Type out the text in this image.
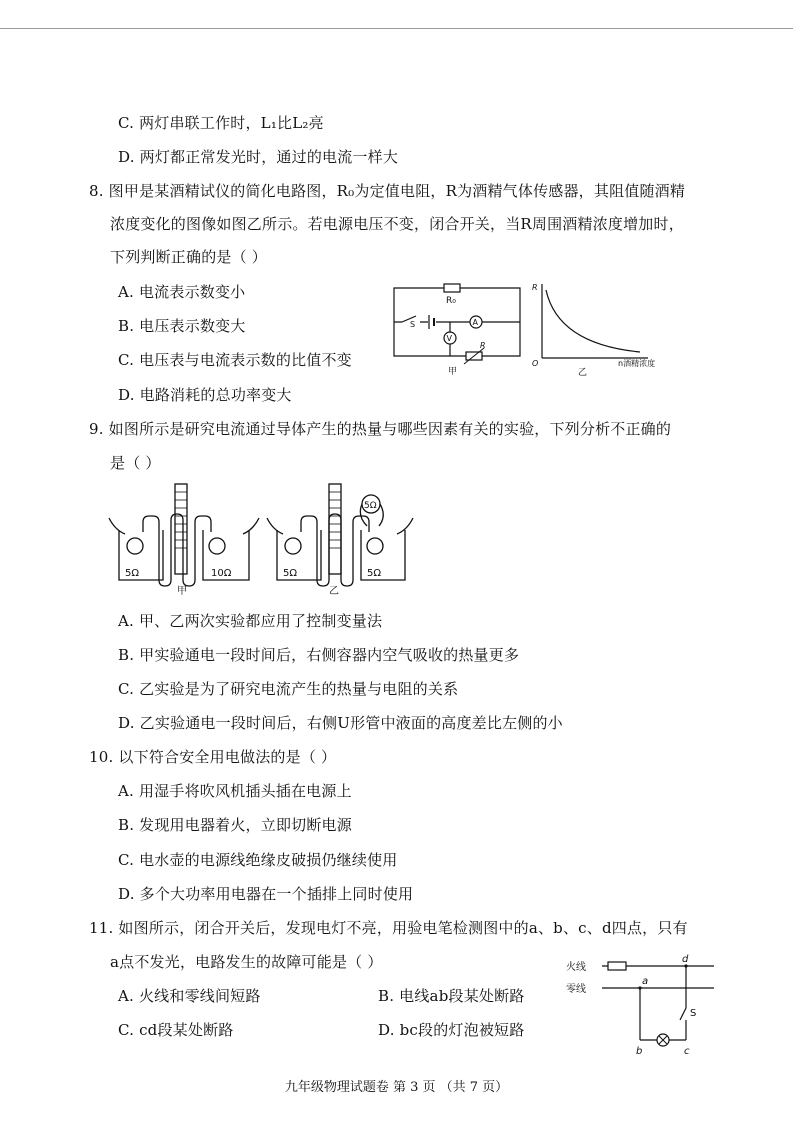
C. 两灯串联工作时，L₁比L₂亮
D. 两灯都正常发光时，通过的电流一样大
8. 图甲是某酒精试仪的简化电路图，R₀为定值电阻，R为酒精气体传感器，其阻值随酒精
浓度变化的图像如图乙所示。若电源电压不变，闭合开关，当R周围酒精浓度增加时，
下列判断正确的是（ ）
A. 电流表示数变小
B. 电压表示数变大
C. 电压表与电流表示数的比值不变
D. 电路消耗的总功率变大
R₀
S
V
A
R
甲
R
O	n酒精浓度
乙
9. 如图所示是研究电流通过导体产生的热量与哪些因素有关的实验，下列分析不正确的
是（ ）
5Ω	10Ω
甲
5Ω	5Ω
5Ω
乙
A. 甲、乙两次实验都应用了控制变量法
B. 甲实验通电一段时间后，右侧容器内空气吸收的热量更多
C. 乙实验是为了研究电流产生的热量与电阻的关系
D. 乙实验通电一段时间后，右侧U形管中液面的高度差比左侧的小
10. 以下符合安全用电做法的是（ ）
A. 用湿手将吹风机插头插在电源上
B. 发现用电器着火，立即切断电源
C. 电水壶的电源线绝缘皮破损仍继续使用
D. 多个大功率用电器在一个插排上同时使用
11. 如图所示，闭合开关后，发现电灯不亮，用验电笔检测图中的a、b、c、d四点，只有
a点不发光，电路发生的故障可能是（ ）
A. 火线和零线间短路	B. 电线ab段某处断路
C. cd段某处断路	D. bc段的灯泡被短路
火线
零线
a
b	c
d
S
九年级物理试题卷 第 3 页 （共 7 页）
